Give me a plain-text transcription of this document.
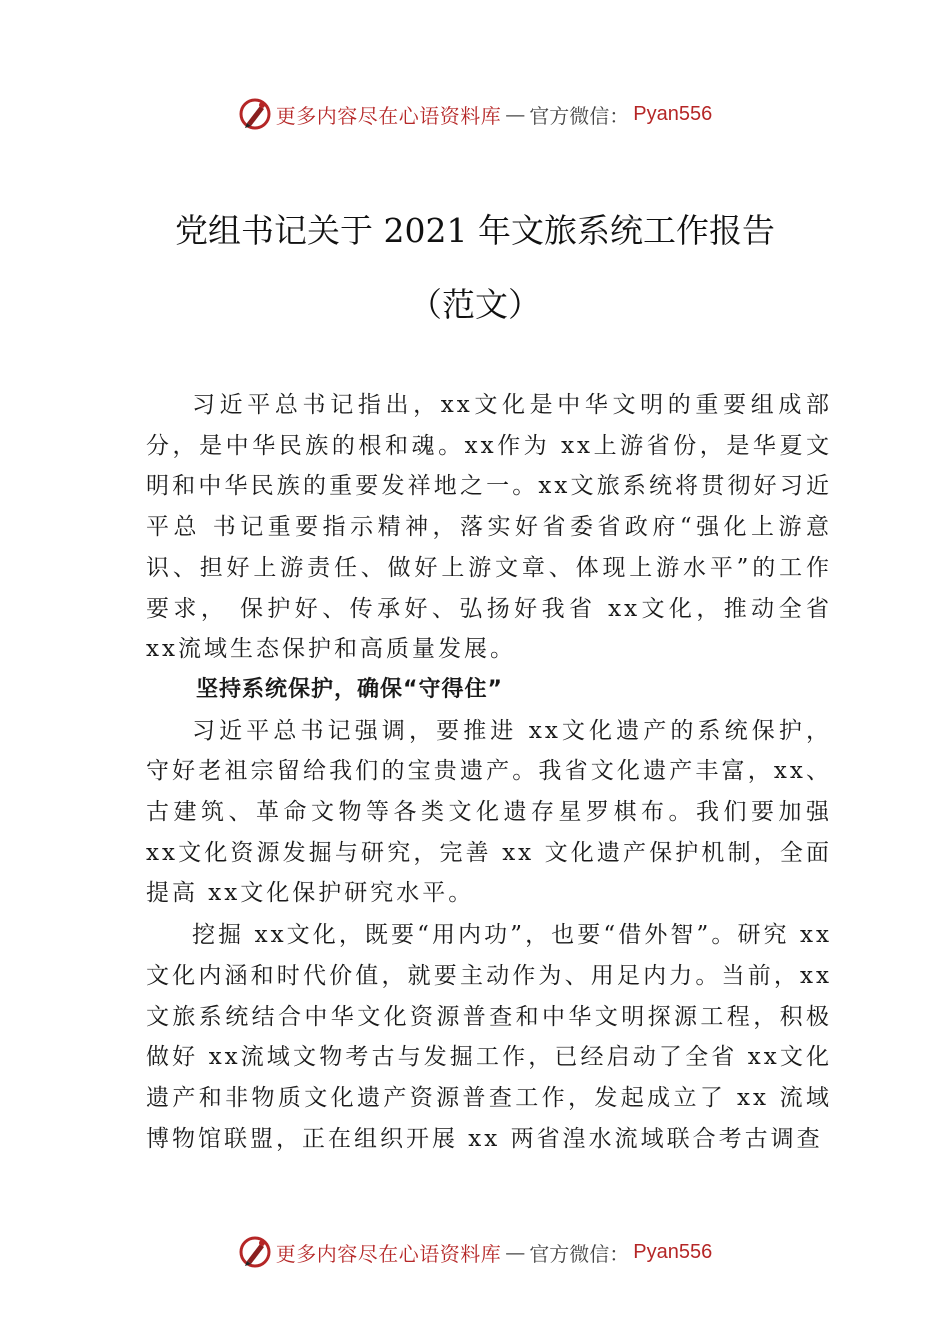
更多内容尽在心语资料库 — 官方微信： Pyan556
党组书记关于 2021 年文旅系统工作报告
（范文）

习近平总书记指出，xx文化是中华文明的重要组成部分，是中华民族的根和魂。xx作为 xx上游省份，是华夏文明和中华民族的重要发祥地之一。xx文旅系统将贯彻好习近平总 书记重要指示精神，落实好省委省政府“强化上游意识、担好上游责任、做好上游文章、体现上游水平”的工作要求， 保护好、传承好、弘扬好我省 xx文化，推动全省 xx流域生态保护和高质量发展。

坚持系统保护，确保“守得住”

习近平总书记强调，要推进 xx文化遗产的系统保护，守好老祖宗留给我们的宝贵遗产。我省文化遗产丰富，xx、古建筑、革命文物等各类文化遗存星罗棋布。我们要加强 xx文化资源发掘与研究，完善 xx 文化遗产保护机制，全面提高 xx文化保护研究水平。

挖掘 xx文化，既要“用内功”，也要“借外智”。研究 xx文化内涵和时代价值，就要主动作为、用足内力。当前，xx文旅系统结合中华文化资源普查和中华文明探源工程，积极做好 xx流域文物考古与发掘工作，已经启动了全省 xx文化遗产和非物质文化遗产资源普查工作，发起成立了 xx 流域博物馆联盟，正在组织开展 xx 两省湟水流域联合考古调查

更多内容尽在心语资料库 — 官方微信： Pyan556
